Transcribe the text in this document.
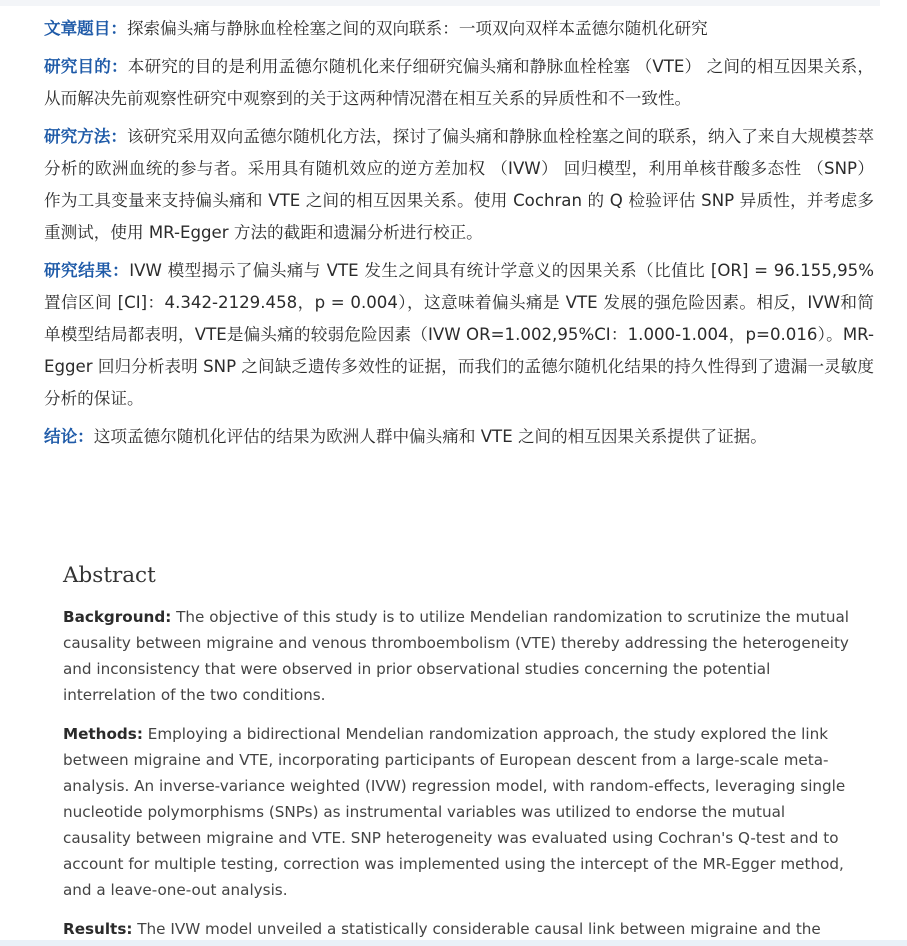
文章题目：探索偏头痛与静脉血栓栓塞之间的双向联系：一项双向双样本孟德尔随机化研究

研究目的：本研究的目的是利用孟德尔随机化来仔细研究偏头痛和静脉血栓栓塞 （VTE） 之间的相互因果关系，从而解决先前观察性研究中观察到的关于这两种情况潜在相互关系的异质性和不一致性。

研究方法：该研究采用双向孟德尔随机化方法，探讨了偏头痛和静脉血栓栓塞之间的联系，纳入了来自大规模荟萃分析的欧洲血统的参与者。采用具有随机效应的逆方差加权 （IVW） 回归模型，利用单核苷酸多态性 （SNP） 作为工具变量来支持偏头痛和 VTE 之间的相互因果关系。使用 Cochran 的 Q 检验评估 SNP 异质性，并考虑多重测试，使用 MR-Egger 方法的截距和遗漏分析进行校正。

研究结果：IVW 模型揭示了偏头痛与 VTE 发生之间具有统计学意义的因果关系（比值比 [OR] = 96.155,95% 置信区间 [CI]：4.342-2129.458，p = 0.004），这意味着偏头痛是 VTE 发展的强危险因素。相反，IVW和简单模型结局都表明，VTE是偏头痛的较弱危险因素（IVW OR=1.002,95%CI：1.000-1.004，p=0.016）。MR-Egger 回归分析表明 SNP 之间缺乏遗传多效性的证据，而我们的孟德尔随机化结果的持久性得到了遗漏一灵敏度分析的保证。

结论：这项孟德尔随机化评估的结果为欧洲人群中偏头痛和 VTE 之间的相互因果关系提供了证据。

Abstract

Background: The objective of this study is to utilize Mendelian randomization to scrutinize the mutual causality between migraine and venous thromboembolism (VTE) thereby addressing the heterogeneity and inconsistency that were observed in prior observational studies concerning the potential interrelation of the two conditions.

Methods: Employing a bidirectional Mendelian randomization approach, the study explored the link between migraine and VTE, incorporating participants of European descent from a large-scale meta-analysis. An inverse-variance weighted (IVW) regression model, with random-effects, leveraging single nucleotide polymorphisms (SNPs) as instrumental variables was utilized to endorse the mutual causality between migraine and VTE. SNP heterogeneity was evaluated using Cochran's Q-test and to account for multiple testing, correction was implemented using the intercept of the MR-Egger method, and a leave-one-out analysis.

Results: The IVW model unveiled a statistically considerable causal link between migraine and the
